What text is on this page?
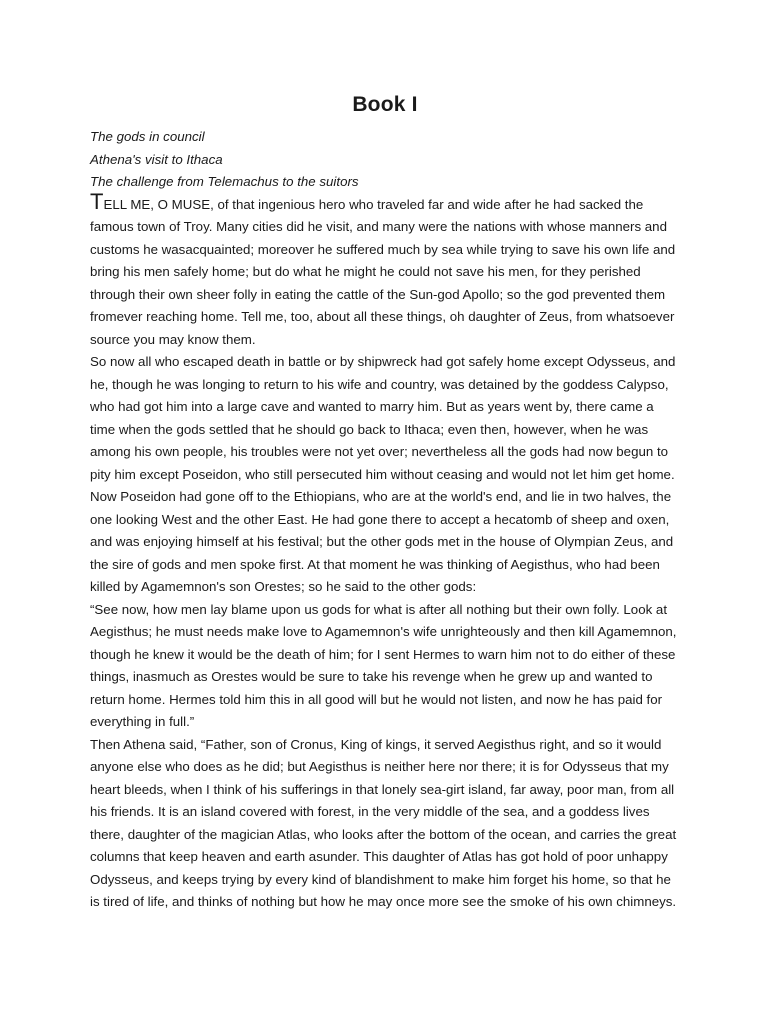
Book I

The gods in council

Athena's visit to Ithaca

The challenge from Telemachus to the suitors

TELL ME, O MUSE, of that ingenious hero who traveled far and wide after he had sacked the famous town of Troy. Many cities did he visit, and many were the nations with whose manners and customs he wasacquainted; moreover he suffered much by sea while trying to save his own life and bring his men safely home; but do what he might he could not save his men, for they perished through their own sheer folly in eating the cattle of the Sun-god Apollo; so the god prevented them fromever reaching home. Tell me, too, about all these things, oh daughter of Zeus, from whatsoever source you may know them.

So now all who escaped death in battle or by shipwreck had got safely home except Odysseus, and he, though he was longing to return to his wife and country, was detained by the goddess Calypso, who had got him into a large cave and wanted to marry him. But as years went by, there came a time when the gods settled that he should go back to Ithaca; even then, however, when he was among his own people, his troubles were not yet over; nevertheless all the gods had now begun to pity him except Poseidon, who still persecuted him without ceasing and would not let him get home. Now Poseidon had gone off to the Ethiopians, who are at the world's end, and lie in two halves, the one looking West and the other East. He had gone there to accept a hecatomb of sheep and oxen, and was enjoying himself at his festival; but the other gods met in the house of Olympian Zeus, and the sire of gods and men spoke first. At that moment he was thinking of Aegisthus, who had been killed by Agamemnon's son Orestes; so he said to the other gods:

“See now, how men lay blame upon us gods for what is after all nothing but their own folly. Look at Aegisthus; he must needs make love to Agamemnon's wife unrighteously and then kill Agamemnon, though he knew it would be the death of him; for I sent Hermes to warn him not to do either of these things, inasmuch as Orestes would be sure to take his revenge when he grew up and wanted to return home. Hermes told him this in all good will but he would not listen, and now he has paid for everything in full.”

Then Athena said, “Father, son of Cronus, King of kings, it served Aegisthus right, and so it would anyone else who does as he did; but Aegisthus is neither here nor there; it is for Odysseus that my heart bleeds, when I think of his sufferings in that lonely sea-girt island, far away, poor man, from all his friends. It is an island covered with forest, in the very middle of the sea, and a goddess lives there, daughter of the magician Atlas, who looks after the bottom of the ocean, and carries the great columns that keep heaven and earth asunder. This daughter of Atlas has got hold of poor unhappy Odysseus, and keeps trying by every kind of blandishment to make him forget his home, so that he is tired of life, and thinks of nothing but how he may once more see the smoke of his own chimneys.
